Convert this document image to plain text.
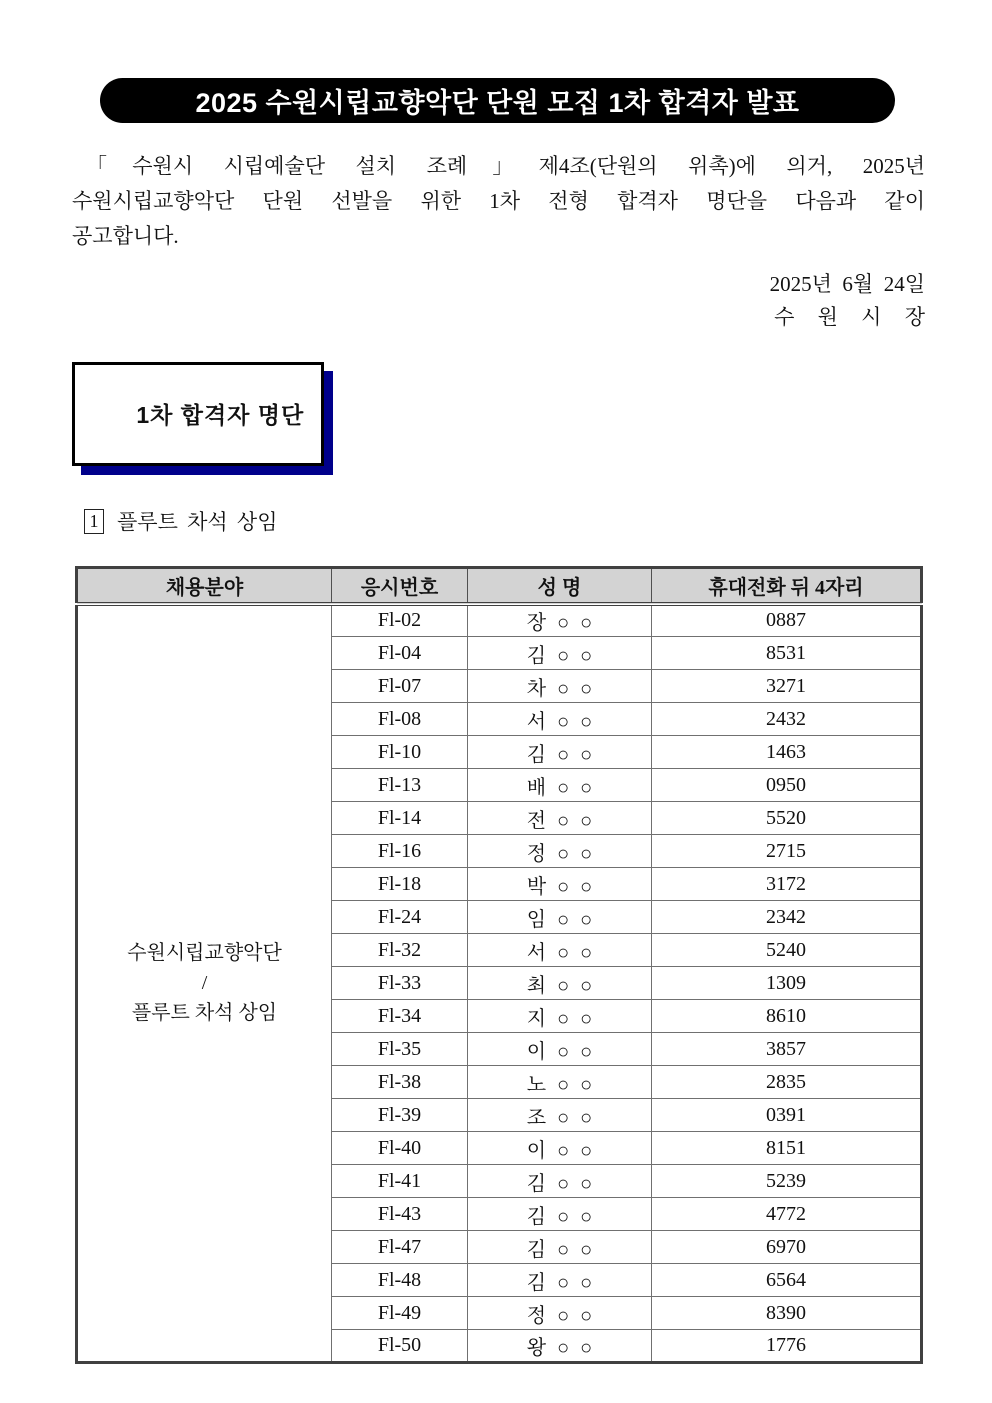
2025 수원시립교향악단 단원 모집 1차 합격자 발표
「수원시 시립예술단 설치 조례」제4조(단원의 위촉)에 의거, 2025년
수원시립교향악단 단원 선발을 위한 1차 전형 합격자 명단을 다음과 같이
공고합니다.
2025년  6월  24일
수 원 시 장

1차 합격자 명단

1 플루트 차석 상임
채용분야	응시번호	성 명	휴대전화 뒤 4자리

수원시립교향악단
/
플루트 차석 상임	Fl-02	장 ○ ○	0887
	Fl-04	김 ○ ○	8531
	Fl-07	차 ○ ○	3271
	Fl-08	서 ○ ○	2432
	Fl-10	김 ○ ○	1463
	Fl-13	배 ○ ○	0950
	Fl-14	전 ○ ○	5520
	Fl-16	정 ○ ○	2715
	Fl-18	박 ○ ○	3172
	Fl-24	임 ○ ○	2342
	Fl-32	서 ○ ○	5240
	Fl-33	최 ○ ○	1309
	Fl-34	지 ○ ○	8610
	Fl-35	이 ○ ○	3857
	Fl-38	노 ○ ○	2835
	Fl-39	조 ○ ○	0391
	Fl-40	이 ○ ○	8151
	Fl-41	김 ○ ○	5239
	Fl-43	김 ○ ○	4772
	Fl-47	김 ○ ○	6970
	Fl-48	김 ○ ○	6564
	Fl-49	정 ○ ○	8390
	Fl-50	왕 ○ ○	1776
